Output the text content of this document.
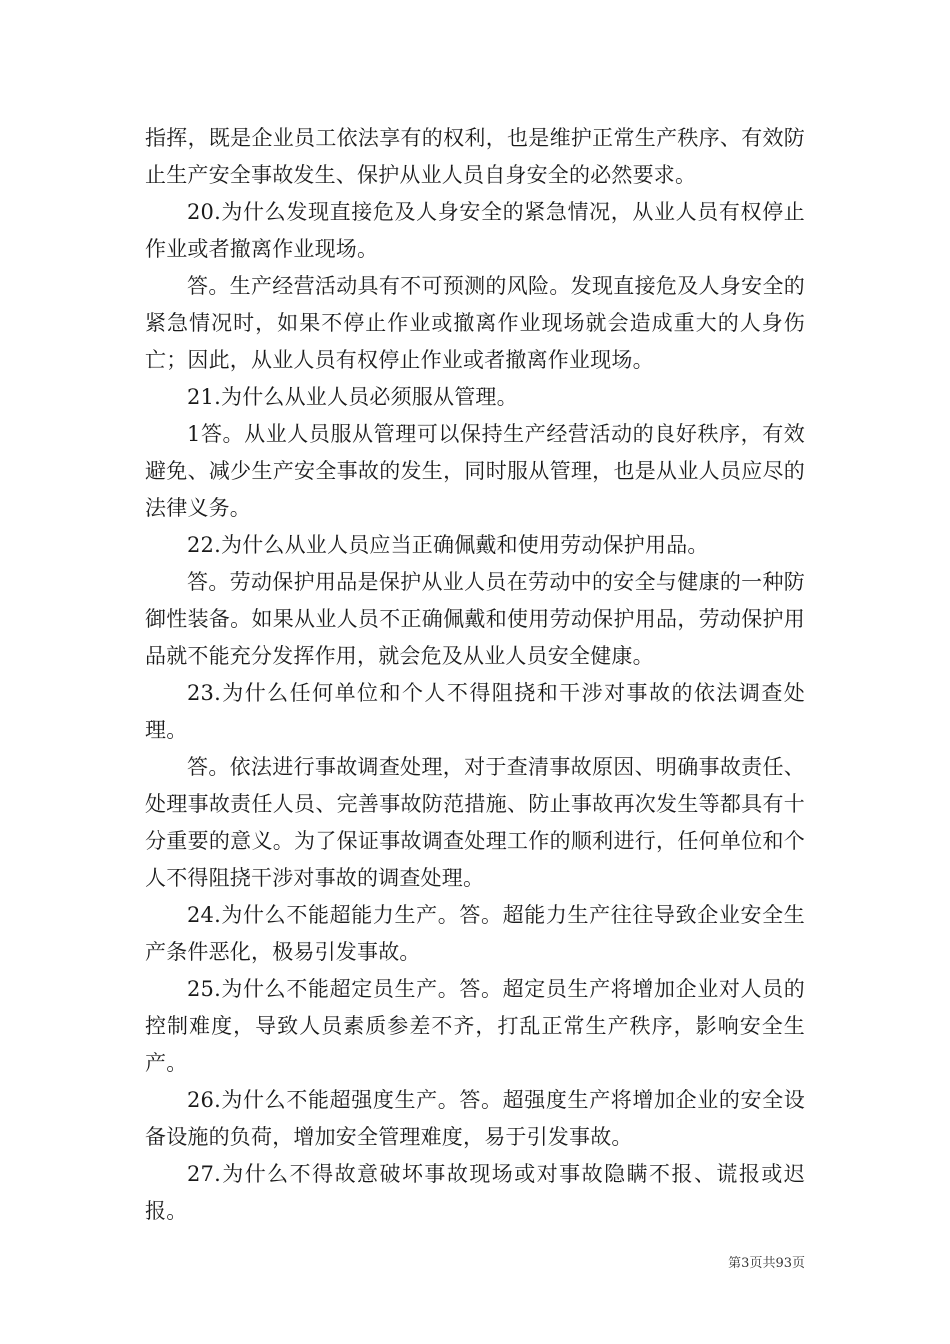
指挥，既是企业员工依法享有的权利，也是维护正常生产秩序、有效防止生产安全事故发生、保护从业人员自身安全的必然要求。

20.为什么发现直接危及人身安全的紧急情况，从业人员有权停止作业或者撤离作业现场。

答。生产经营活动具有不可预测的风险。发现直接危及人身安全的紧急情况时，如果不停止作业或撤离作业现场就会造成重大的人身伤亡；因此，从业人员有权停止作业或者撤离作业现场。

21.为什么从业人员必须服从管理。

1答。从业人员服从管理可以保持生产经营活动的良好秩序，有效避免、减少生产安全事故的发生，同时服从管理，也是从业人员应尽的法律义务。

22.为什么从业人员应当正确佩戴和使用劳动保护用品。

答。劳动保护用品是保护从业人员在劳动中的安全与健康的一种防御性装备。如果从业人员不正确佩戴和使用劳动保护用品，劳动保护用品就不能充分发挥作用，就会危及从业人员安全健康。

23.为什么任何单位和个人不得阻挠和干涉对事故的依法调查处理。

答。依法进行事故调查处理，对于查清事故原因、明确事故责任、处理事故责任人员、完善事故防范措施、防止事故再次发生等都具有十分重要的意义。为了保证事故调查处理工作的顺利进行，任何单位和个人不得阻挠干涉对事故的调查处理。

24.为什么不能超能力生产。答。超能力生产往往导致企业安全生产条件恶化，极易引发事故。

25.为什么不能超定员生产。答。超定员生产将增加企业对人员的控制难度，导致人员素质参差不齐，打乱正常生产秩序，影响安全生产。

26.为什么不能超强度生产。答。超强度生产将增加企业的安全设备设施的负荷，增加安全管理难度，易于引发事故。

27.为什么不得故意破坏事故现场或对事故隐瞒不报、谎报或迟报。

第3页共93页
